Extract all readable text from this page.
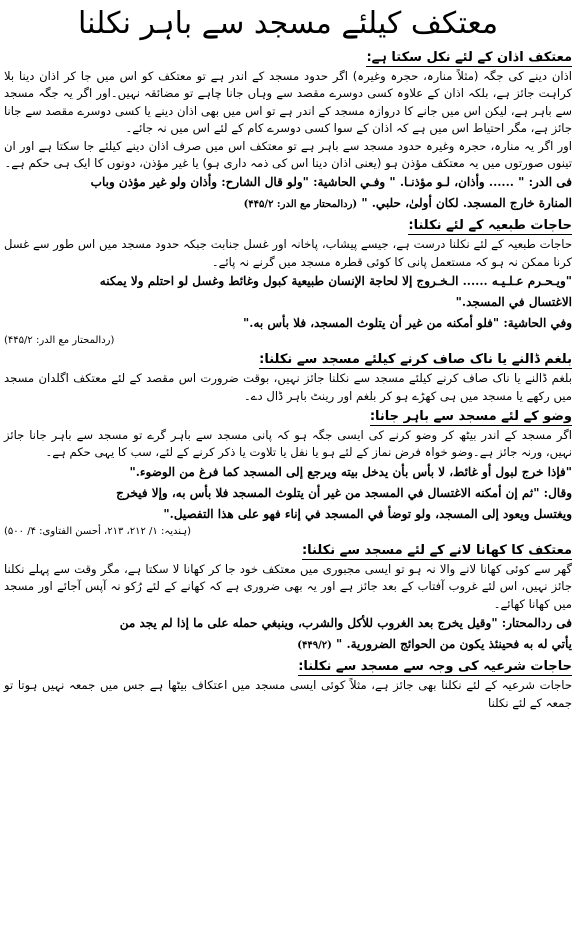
معتکف کیلئے مسجد سے باہر نکلنا
معتکف اذان کے لئے نکل سکتا ہے:

اذان دینے کی جگہ (مثلاً منارہ، حجرہ وغیرہ) اگر حدود مسجد کے اندر ہے تو معتکف کو اس میں جا کر اذان دینا بلا کراہت جائز ہے، بلکہ اذان کے علاوہ کسی دوسرے مقصد سے وہاں جانا چاہے تو مضائقہ نہیں۔اور اگر یہ جگہ مسجد سے باہر ہے، لیکن اس میں جانے کا دروازہ مسجد کے اندر ہے تو اس میں بھی اذان دینے یا کسی دوسرے مقصد سے جانا جائز ہے، مگر احتیاط اس میں ہے کہ اذان کے سوا کسی دوسرے کام کے لئے اس میں نہ جائے۔

اور اگر یہ منارہ، حجرہ وغیرہ حدود مسجد سے باہر ہے تو معتکف اس میں صرف اذان دینے کیلئے جا سکتا ہے اور ان تینوں صورتوں میں یہ معتکف مؤذن ہو (یعنی اذان دینا اس کی ذمہ داری ہو) یا غیر مؤذن، دونوں کا ایک ہی حکم ہے۔

فى الدر: " ...... وأذان، لـو مؤذنـا. " وفـي الحاشية: "ولو قال الشارح: وأذان ولو غير مؤذن وباب

المنارة خارج المسجد. لكان أولىٰ، حلبي. " (ردالمحتار مع الدر: ۴۴۵/۲)

حاجات طبعیہ کے لئے نکلنا:

حاجات طبعیہ کے لئے نکلنا درست ہے، جیسے پیشاب، پاخانہ اور غسل جنابت جبکہ حدود مسجد میں اس طور سے غسل کرنا ممکن نہ ہو کہ مستعمل پانی کا کوئی قطرہ مسجد میں گرنے نہ پائے۔

"ويـحـرم عـلـيـه ...... الـخـروج إلا لحاجة الإنسان طبيعية كبول وغائط وغسل لو احتلم ولا يمكنه

الاغتسال في المسجد."

وفي الحاشية: "فلو أمكنه من غير أن يتلوث المسجد، فلا بأس به."

(ردالمحتار مع الدر: ۴۴۵/۲)

بلغم ڈالنے یا ناک صاف کرنے کیلئے مسجد سے نکلنا:

بلغم ڈالنے یا ناک صاف کرنے کیلئے مسجد سے نکلنا جائز نہیں، بوقت ضرورت اس مقصد کے لئے معتکف اگلدان مسجد میں رکھے یا مسجد میں ہی کھڑے ہو کر بلغم اور رینٹ باہر ڈال دے۔

وضو کے لئے مسجد سے باہر جانا:

اگر مسجد کے اندر بیٹھ کر وضو کرنے کی ایسی جگہ ہو کہ پانی مسجد سے باہر گرے تو مسجد سے باہر جانا جائز نہیں، ورنہ جائز ہے۔وضو خواہ فرض نماز کے لئے ہو یا نفل یا تلاوت یا ذکر کرنے کے لئے، سب کا یہی حکم ہے۔

"فإذا خرج لبول أو غائط، لا بأس بأن يدخل بيته ويرجع إلى المسجد كما فرغ من الوضوء."

وقال: "ثم إن أمكنه الاغتسال في المسجد من غير أن يتلوث المسجد فلا بأس به، وإلا فيخرج

ويغتسل ويعود إلى المسجد، ولو توضأ في المسجد في إناء فهو على هذا التفصيل."

(ہندیہ: ۱/ ۲۱۲، ۲۱۳، أحسن الفتاوى: ۴/ ۵۰۰)

معتکف کا کھانا لانے کے لئے مسجد سے نکلنا:

گھر سے کوئی کھانا لانے والا نہ ہو تو ایسی مجبوری میں معتکف خود جا کر کھانا لا سکتا ہے، مگر وقت سے پہلے نکلنا جائز نہیں، اس لئے غروب آفتاب کے بعد جائز ہے اور یہ بھی ضروری ہے کہ کھانے کے لئے رُکو نہ آپس آجائے اور مسجد میں کھانا کھائے۔

فى ردالمحتار: "وقيل يخرج بعد الغروب للأكل والشرب، وينبغي حمله على ما إذا لم يجد من

يأتي له به فحينئذ يكون من الحوائج الضرورية. " (۴۴۹/۲)

حاجات شرعیہ کی وجہ سے مسجد سے نکلنا:

حاجات شرعیہ کے لئے نکلنا بھی جائز ہے، مثلاً کوئی ایسی مسجد میں اعتکاف بیٹھا ہے جس میں جمعہ نہیں ہوتا تو جمعہ کے لئے نکلنا
